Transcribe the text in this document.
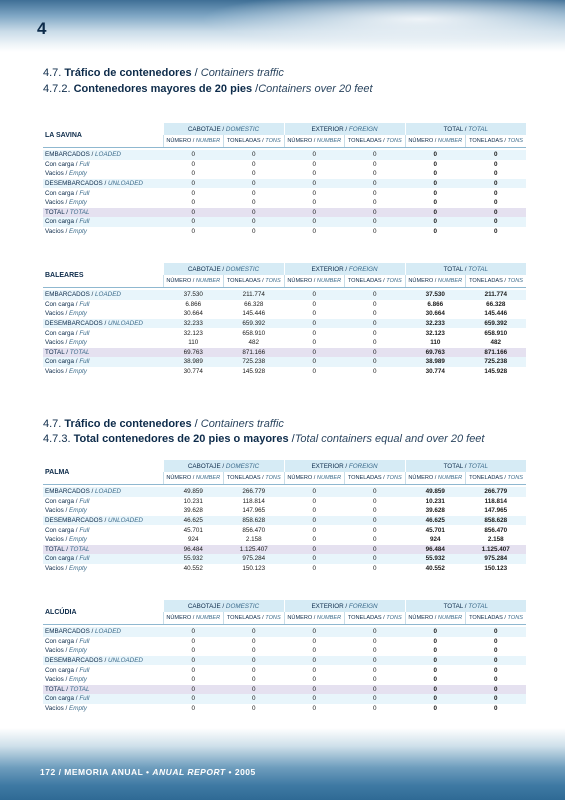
4
4.7. Tráfico de contenedores / Containers traffic
4.7.2. Contenedores mayores de 20 pies /Containers over 20 feet
4.7. Tráfico de contenedores / Containers traffic
4.7.3. Total contenedores de 20 pies o mayores /Total containers equal and over 20 feet
LA SAVINA	CABOTAJE / DOMESTIC		EXTERIOR / FOREIGN		TOTAL / TOTAL	
	NÚMERO / NUMBER	TONELADAS / TONS	NÚMERO / NUMBER	TONELADAS / TONS	NÚMERO / NUMBER	TONELADAS / TONS

EMBARCADOS / LOADED	0	0	0	0	0	0
Con carga / Full	0	0	0	0	0	0
Vacíos / Empty	0	0	0	0	0	0
DESEMBARCADOS / UNLOADED	0	0	0	0	0	0
Con carga / Full	0	0	0	0	0	0
Vacíos / Empty	0	0	0	0	0	0
TOTAL / TOTAL	0	0	0	0	0	0
Con carga / Full	0	0	0	0	0	0
Vacíos / Empty	0	0	0	0	0	0
BALEARES	CABOTAJE / DOMESTIC		EXTERIOR / FOREIGN		TOTAL / TOTAL	
	NÚMERO / NUMBER	TONELADAS / TONS	NÚMERO / NUMBER	TONELADAS / TONS	NÚMERO / NUMBER	TONELADAS / TONS

EMBARCADOS / LOADED	37.530	211.774	0	0	37.530	211.774
Con carga / Full	6.866	66.328	0	0	6.866	66.328
Vacíos / Empty	30.664	145.446	0	0	30.664	145.446
DESEMBARCADOS / UNLOADED	32.233	659.392	0	0	32.233	659.392
Con carga / Full	32.123	658.910	0	0	32.123	658.910
Vacíos / Empty	110	482	0	0	110	482
TOTAL / TOTAL	69.763	871.166	0	0	69.763	871.166
Con carga / Full	38.989	725.238	0	0	38.989	725.238
Vacíos / Empty	30.774	145.928	0	0	30.774	145.928
PALMA	CABOTAJE / DOMESTIC		EXTERIOR / FOREIGN		TOTAL / TOTAL	
	NÚMERO / NUMBER	TONELADAS / TONS	NÚMERO / NUMBER	TONELADAS / TONS	NÚMERO / NUMBER	TONELADAS / TONS

EMBARCADOS / LOADED	49.859	266.779	0	0	49.859	266.779
Con carga / Full	10.231	118.814	0	0	10.231	118.814
Vacíos / Empty	39.628	147.965	0	0	39.628	147.965
DESEMBARCADOS / UNLOADED	46.625	858.628	0	0	46.625	858.628
Con carga / Full	45.701	856.470	0	0	45.701	856.470
Vacíos / Empty	924	2.158	0	0	924	2.158
TOTAL / TOTAL	96.484	1.125.407	0	0	96.484	1.125.407
Con carga / Full	55.932	975.284	0	0	55.932	975.284
Vacíos / Empty	40.552	150.123	0	0	40.552	150.123
ALCÚDIA	CABOTAJE / DOMESTIC		EXTERIOR / FOREIGN		TOTAL / TOTAL	
	NÚMERO / NUMBER	TONELADAS / TONS	NÚMERO / NUMBER	TONELADAS / TONS	NÚMERO / NUMBER	TONELADAS / TONS

EMBARCADOS / LOADED	0	0	0	0	0	0
Con carga / Full	0	0	0	0	0	0
Vacíos / Empty	0	0	0	0	0	0
DESEMBARCADOS / UNLOADED	0	0	0	0	0	0
Con carga / Full	0	0	0	0	0	0
Vacíos / Empty	0	0	0	0	0	0
TOTAL / TOTAL	0	0	0	0	0	0
Con carga / Full	0	0	0	0	0	0
Vacíos / Empty	0	0	0	0	0	0
172 / MEMORIA ANUAL • ANUAL REPORT • 2005
